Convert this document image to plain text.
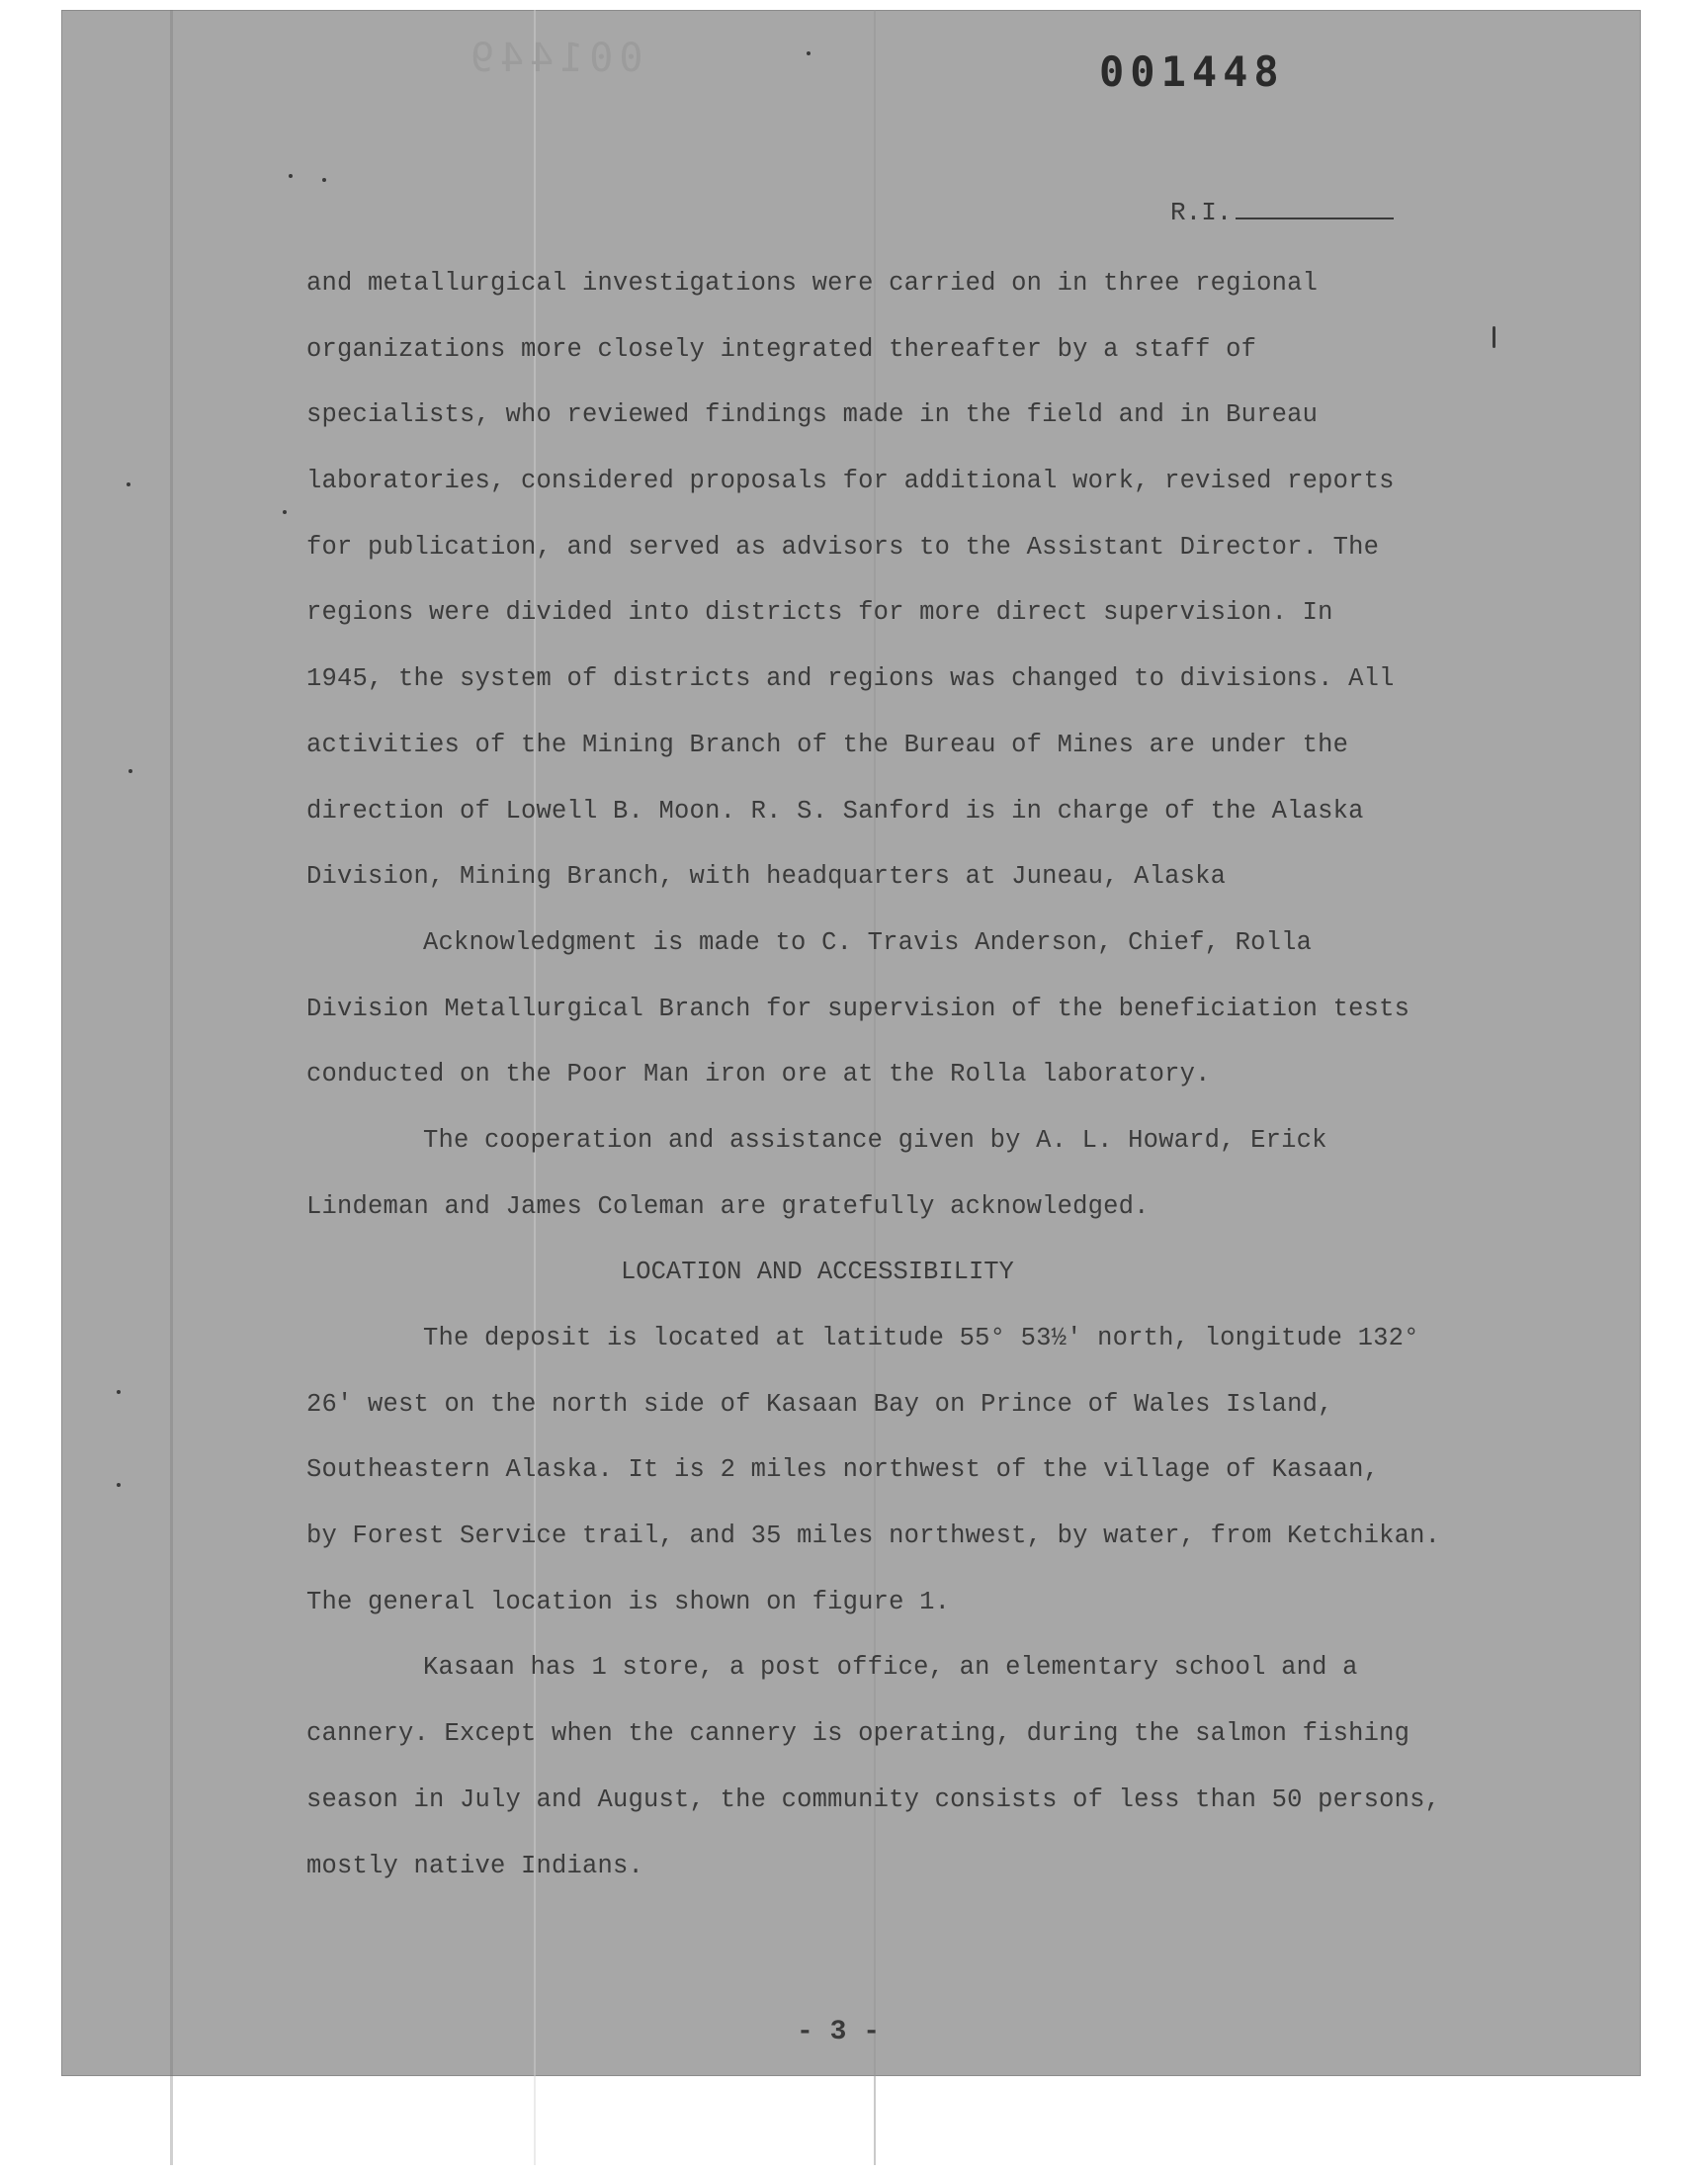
001449	001448
R.I.
and metallurgical investigations were carried on in three regional
organizations more closely integrated thereafter by a staff of
specialists, who reviewed findings made in the field and in Bureau
laboratories, considered proposals for additional work, revised reports
for publication, and served as advisors to the Assistant Director. The
regions were divided into districts for more direct supervision. In
1945, the system of districts and regions was changed to divisions. All
activities of the Mining Branch of the Bureau of Mines are under the
direction of Lowell B. Moon. R. S. Sanford is in charge of the Alaska
Division, Mining Branch, with headquarters at Juneau, Alaska
Acknowledgment is made to C. Travis Anderson, Chief, Rolla
Division Metallurgical Branch for supervision of the beneficiation tests
conducted on the Poor Man iron ore at the Rolla laboratory.
The cooperation and assistance given by A. L. Howard, Erick
Lindeman and James Coleman are gratefully acknowledged.
LOCATION AND ACCESSIBILITY
The deposit is located at latitude 55° 53½' north, longitude 132°
26' west on the north side of Kasaan Bay on Prince of Wales Island,
Southeastern Alaska. It is 2 miles northwest of the village of Kasaan,
by Forest Service trail, and 35 miles northwest, by water, from Ketchikan.
The general location is shown on figure 1.
Kasaan has 1 store, a post office, an elementary school and a
cannery. Except when the cannery is operating, during the salmon fishing
season in July and August, the community consists of less than 50 persons,
mostly native Indians.
- 3 -
